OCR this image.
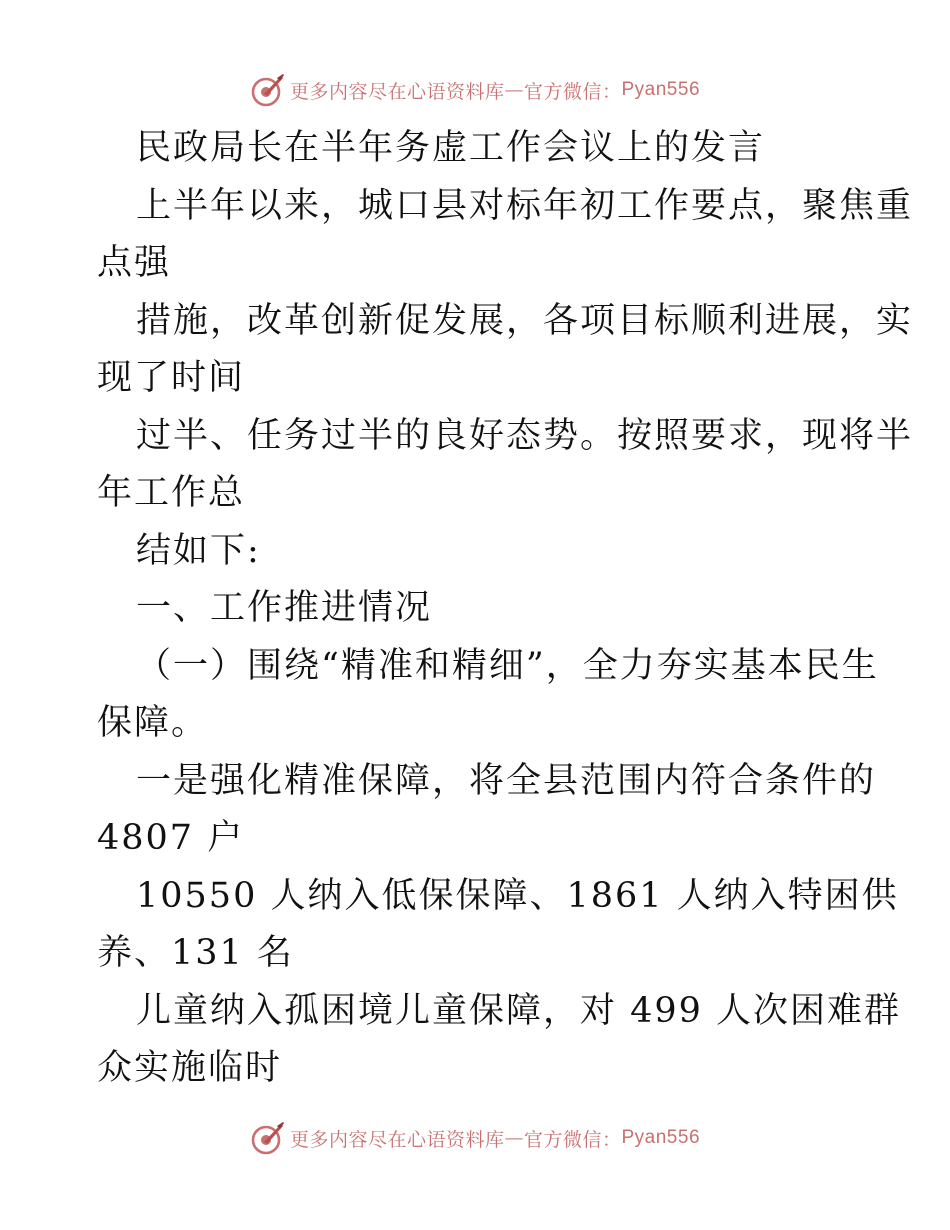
更多内容尽在心语资料库 — 官方微信： Pyan556
民政局长在半年务虚工作会议上的发言
上半年以来，城口县对标年初工作要点，聚焦重
点强
措施，改革创新促发展，各项目标顺利进展，实
现了时间
过半、任务过半的良好态势。按照要求，现将半
年工作总
结如下:
一、工作推进情况
（一）围绕“精准和精细”，全力夯实基本民生
保障。
一是强化精准保障，将全县范围内符合条件的
4807 户
10550 人纳入低保保障、1861 人纳入特困供
养、131 名
儿童纳入孤困境儿童保障，对 499 人次困难群
众实施临时
更多内容尽在心语资料库 — 官方微信： Pyan556
